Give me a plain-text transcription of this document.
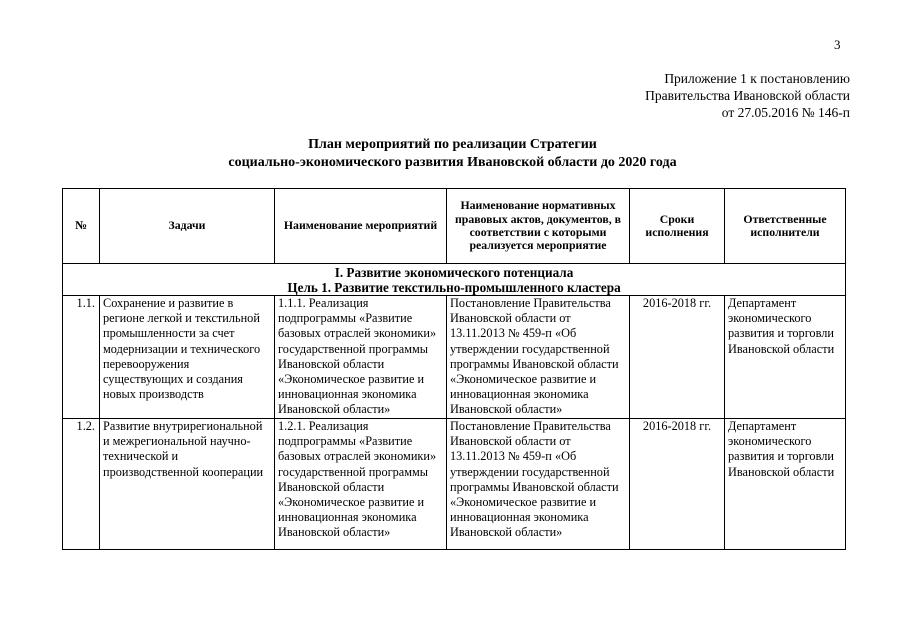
3
Приложение 1 к постановлению
Правительства Ивановской области
от 27.05.2016 № 146-п
План мероприятий по реализации Стратегии
социально-экономического развития Ивановской области до 2020 года
№	Задачи	Наименование мероприятий	Наименование нормативных правовых актов, документов, в соответствии с которыми реализуется мероприятие	Сроки исполнения	Ответственные исполнители

I. Развитие экономического потенциала
Цель 1. Развитие текстильно-промышленного кластера					

1.1.	Сохранение и развитие в регионе легкой и текстильной промышленности за счет модернизации и технического перевооружения существующих и создания новых производств	1.1.1. Реализация подпрограммы «Развитие базовых отраслей экономики» государственной программы Ивановской области «Экономическое развитие и инновационная экономика Ивановской области»	Постановление Правительства Ивановской области от 13.11.2013 № 459-п «Об утверждении государственной программы Ивановской области «Экономическое развитие и инновационная экономика Ивановской области»	2016-2018 гг.	Департамент экономического развития и торговли Ивановской области
1.2.	Развитие внутрирегиональной и межрегиональной научно-технической и производственной кооперации	1.2.1. Реализация подпрограммы «Развитие базовых отраслей экономики» государственной программы Ивановской области «Экономическое развитие и инновационная экономика Ивановской области»	Постановление Правительства Ивановской области от 13.11.2013 № 459-п «Об утверждении государственной программы Ивановской области «Экономическое развитие и инновационная экономика Ивановской области»	2016-2018 гг.	Департамент экономического развития и торговли Ивановской области
